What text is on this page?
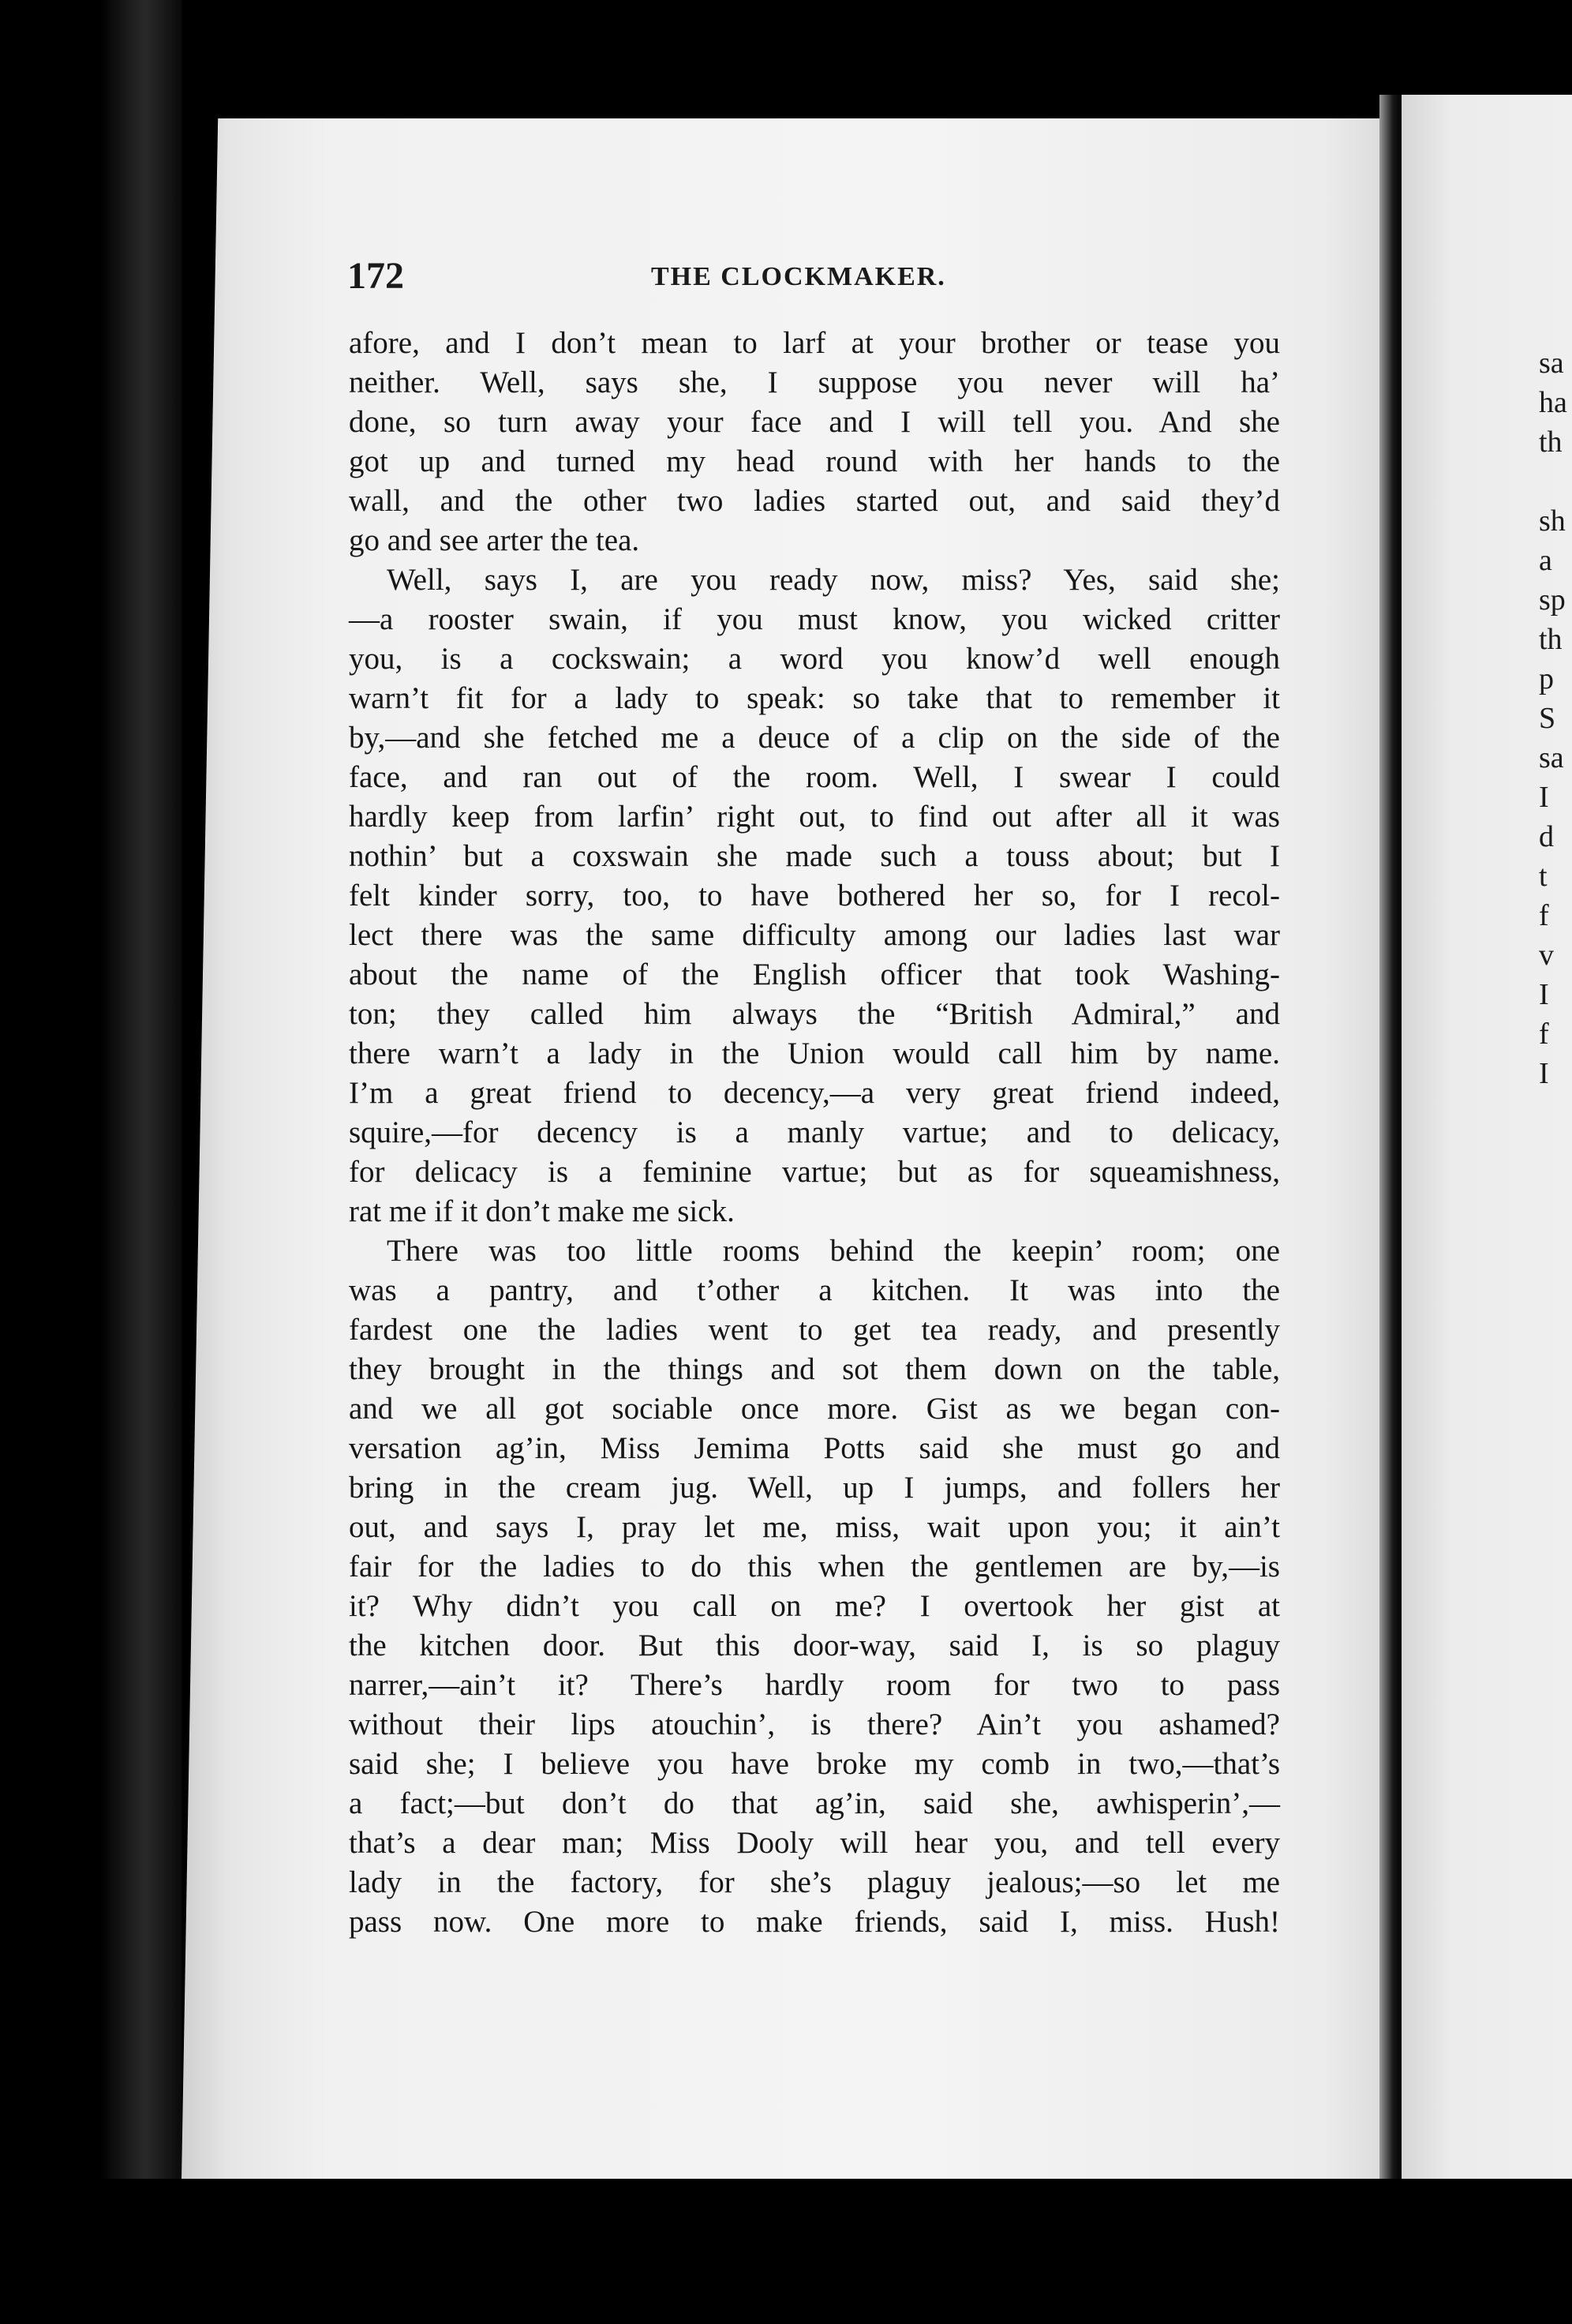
172	THE CLOCKMAKER.
afore, and I don’t mean to larf at your brother or tease you
neither. Well, says she, I suppose you never will ha’
done, so turn away your face and I will tell you. And she
got up and turned my head round with her hands to the
wall, and the other two ladies started out, and said they’d
go and see arter the tea.
Well, says I, are you ready now, miss? Yes, said she;
—a rooster swain, if you must know, you wicked critter
you, is a cockswain; a word you know’d well enough
warn’t fit for a lady to speak: so take that to remember it
by,—and she fetched me a deuce of a clip on the side of the
face, and ran out of the room. Well, I swear I could
hardly keep from larfin’ right out, to find out after all it was
nothin’ but a coxswain she made such a touss about; but I
felt kinder sorry, too, to have bothered her so, for I recol-
lect there was the same difficulty among our ladies last war
about the name of the English officer that took Washing-
ton; they called him always the “British Admiral,” and
there warn’t a lady in the Union would call him by name.
I’m a great friend to decency,—a very great friend indeed,
squire,—for decency is a manly vartue; and to delicacy,
for delicacy is a feminine vartue; but as for squeamishness,
rat me if it don’t make me sick.
There was too little rooms behind the keepin’ room; one
was a pantry, and t’other a kitchen. It was into the
fardest one the ladies went to get tea ready, and presently
they brought in the things and sot them down on the table,
and we all got sociable once more. Gist as we began con-
versation ag’in, Miss Jemima Potts said she must go and
bring in the cream jug. Well, up I jumps, and follers her
out, and says I, pray let me, miss, wait upon you; it ain’t
fair for the ladies to do this when the gentlemen are by,—is
it? Why didn’t you call on me? I overtook her gist at
the kitchen door. But this door-way, said I, is so plaguy
narrer,—ain’t it? There’s hardly room for two to pass
without their lips atouchin’, is there? Ain’t you ashamed?
said she; I believe you have broke my comb in two,—that’s
a fact;—but don’t do that ag’in, said she, awhisperin’,—
that’s a dear man; Miss Dooly will hear you, and tell every
lady in the factory, for she’s plaguy jealous;—so let me
pass now. One more to make friends, said I, miss. Hush!
sa
ha
th

sh
a
sp
th
p
S
sa
I
d
t
f
v
I
f
I
